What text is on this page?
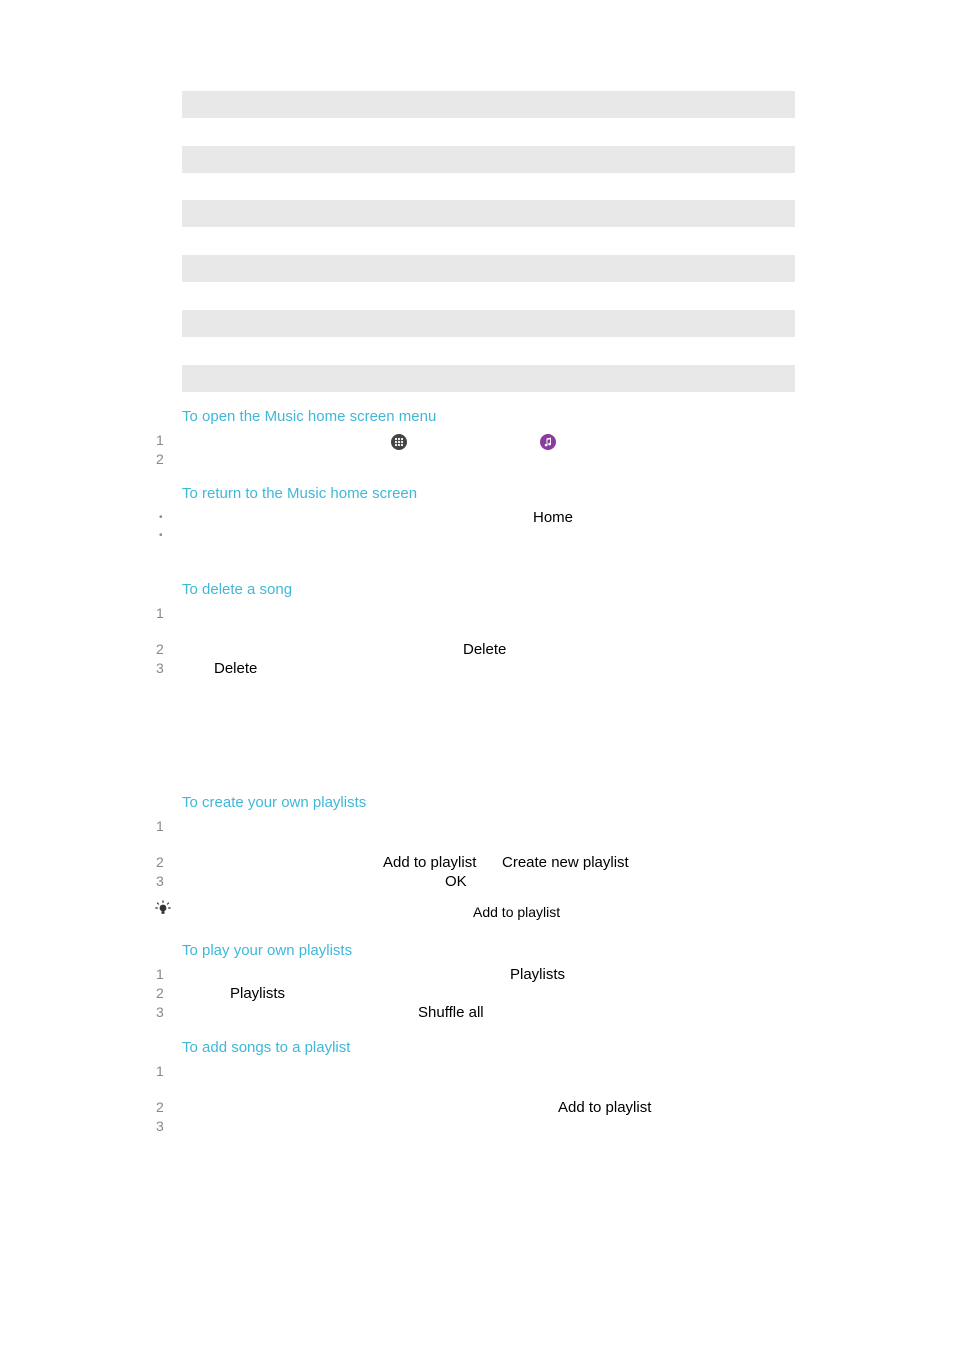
To open the Music home screen menu
1
2
To return to the Music home screen
•	Home
•
To delete a song
1
2	Delete
3	Delete
To create your own playlists
1
2	Add to playlist Create new playlist
3	OK
Add to playlist
To play your own playlists
1	Playlists
2	Playlists
3	Shuffle all
To add songs to a playlist
1
2	Add to playlist
3
